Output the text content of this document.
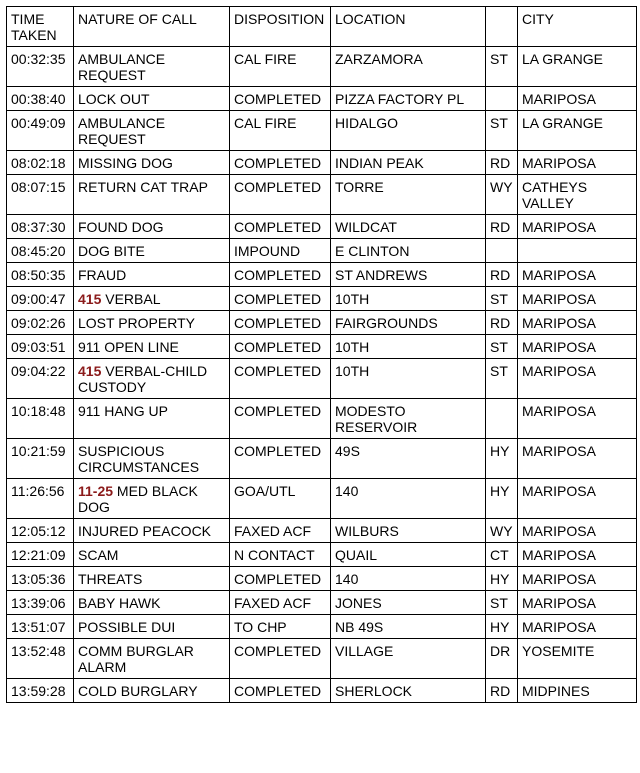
TIME TAKEN	NATURE OF CALL	DISPOSITION	LOCATION		CITY
00:32:35	AMBULANCE REQUEST	CAL FIRE	ZARZAMORA	ST	LA GRANGE
00:38:40	LOCK OUT	COMPLETED	PIZZA FACTORY PL		MARIPOSA
00:49:09	AMBULANCE REQUEST	CAL FIRE	HIDALGO	ST	LA GRANGE
08:02:18	MISSING DOG	COMPLETED	INDIAN PEAK	RD	MARIPOSA
08:07:15	RETURN CAT TRAP	COMPLETED	TORRE	WY	CATHEYS VALLEY
08:37:30	FOUND DOG	COMPLETED	WILDCAT	RD	MARIPOSA
08:45:20	DOG BITE	IMPOUND	E CLINTON		
08:50:35	FRAUD	COMPLETED	ST ANDREWS	RD	MARIPOSA
09:00:47	415 VERBAL	COMPLETED	10TH	ST	MARIPOSA
09:02:26	LOST PROPERTY	COMPLETED	FAIRGROUNDS	RD	MARIPOSA
09:03:51	911 OPEN LINE	COMPLETED	10TH	ST	MARIPOSA
09:04:22	415 VERBAL-CHILD CUSTODY	COMPLETED	10TH	ST	MARIPOSA
10:18:48	911 HANG UP	COMPLETED	MODESTO RESERVOIR		MARIPOSA
10:21:59	SUSPICIOUS CIRCUMSTANCES	COMPLETED	49S	HY	MARIPOSA
11:26:56	11-25 MED BLACK DOG	GOA/UTL	140	HY	MARIPOSA
12:05:12	INJURED PEACOCK	FAXED ACF	WILBURS	WY	MARIPOSA
12:21:09	SCAM	N CONTACT	QUAIL	CT	MARIPOSA
13:05:36	THREATS	COMPLETED	140	HY	MARIPOSA
13:39:06	BABY HAWK	FAXED ACF	JONES	ST	MARIPOSA
13:51:07	POSSIBLE DUI	TO CHP	NB 49S	HY	MARIPOSA
13:52:48	COMM BURGLAR ALARM	COMPLETED	VILLAGE	DR	YOSEMITE
13:59:28	COLD BURGLARY	COMPLETED	SHERLOCK	RD	MIDPINES
